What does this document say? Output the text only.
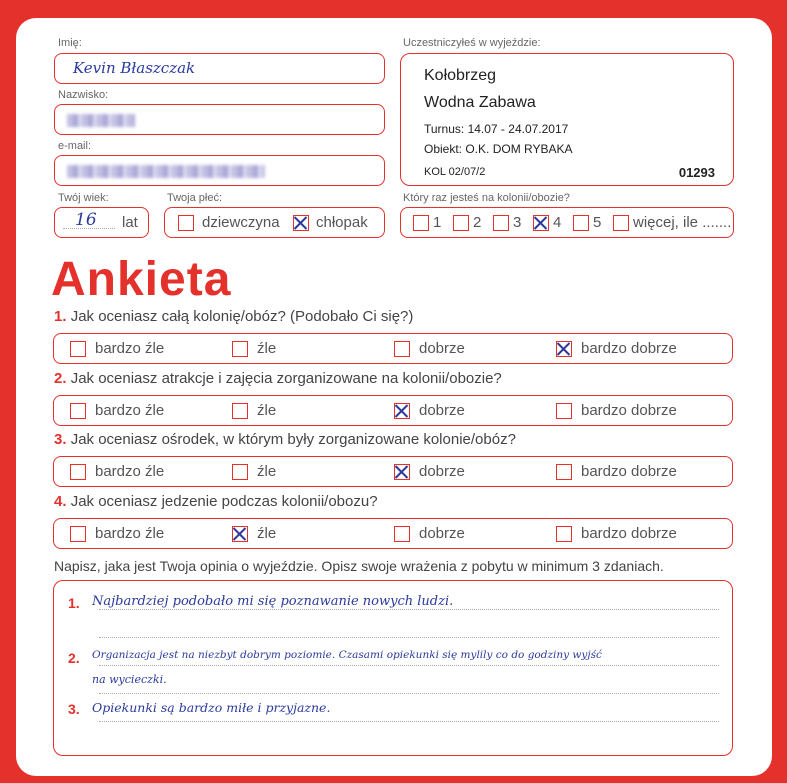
Imię:
Kevin Błaszczak
Nazwisko:
e-mail:
Twój wiek:
16 lat
Twoja płeć:
dziewczyna chłopak
Uczestniczyłeś w wyjeździe:
Kołobrzeg
Wodna Zabawa
Turnus: 14.07 - 24.07.2017
Obiekt: O.K. DOM RYBAKA
KOL 02/07/2	01293
Który raz jesteś na kolonii/obozie?
1 2 3 4 5 więcej, ile .......
Ankieta
1. Jak oceniasz całą kolonię/obóz? (Podobało Ci się?)
bardzo źle	źle	dobrze	bardzo dobrze
2. Jak oceniasz atrakcje i zajęcia zorganizowane na kolonii/obozie?
bardzo źle	źle	dobrze	bardzo dobrze
3. Jak oceniasz ośrodek, w którym były zorganizowane kolonie/obóz?
bardzo źle	źle	dobrze	bardzo dobrze
4. Jak oceniasz jedzenie podczas kolonii/obozu?
bardzo źle	źle	dobrze	bardzo dobrze
Napisz, jaka jest Twoja opinia o wyjeździe. Opisz swoje wrażenia z pobytu w minimum 3 zdaniach.
1. Najbardziej podobało mi się poznawanie nowych ludzi.
2. Organizacja jest na niezbyt dobrym poziomie. Czasami opiekunki się mylily co do godziny wyjść
na wycieczki.
3. Opiekunki są bardzo miłe i przyjazne.
